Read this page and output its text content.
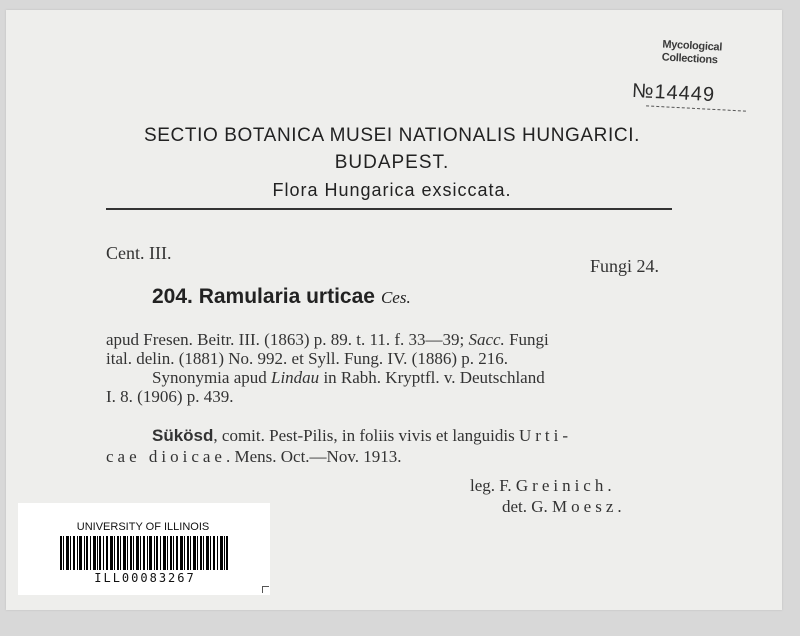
Mycological
Collections
№14449
SECTIO BOTANICA MUSEI NATIONALIS HUNGARICI.
BUDAPEST.
Flora Hungarica exsiccata.
Cent. III.
Fungi 24.
204. Ramularia urticae Ces.

apud Fresen. Beitr. III. (1863) p. 89. t. 11. f. 33—39; Sacc. Fungi

ital. delin. (1881) No. 992. et Syll. Fung. IV. (1886) p. 216.

Synonymia apud Lindau in Rabh. Kryptfl. v. Deutschland

I. 8. (1906) p. 439.

Sükösd, comit. Pest-Pilis, in foliis vivis et languidis Urti-
cae dioicae. Mens. Oct.—Nov. 1913.
leg. F. Greinich.
det. G. Moesz.
UNIVERSITY OF ILLINOIS
ILL00083267
